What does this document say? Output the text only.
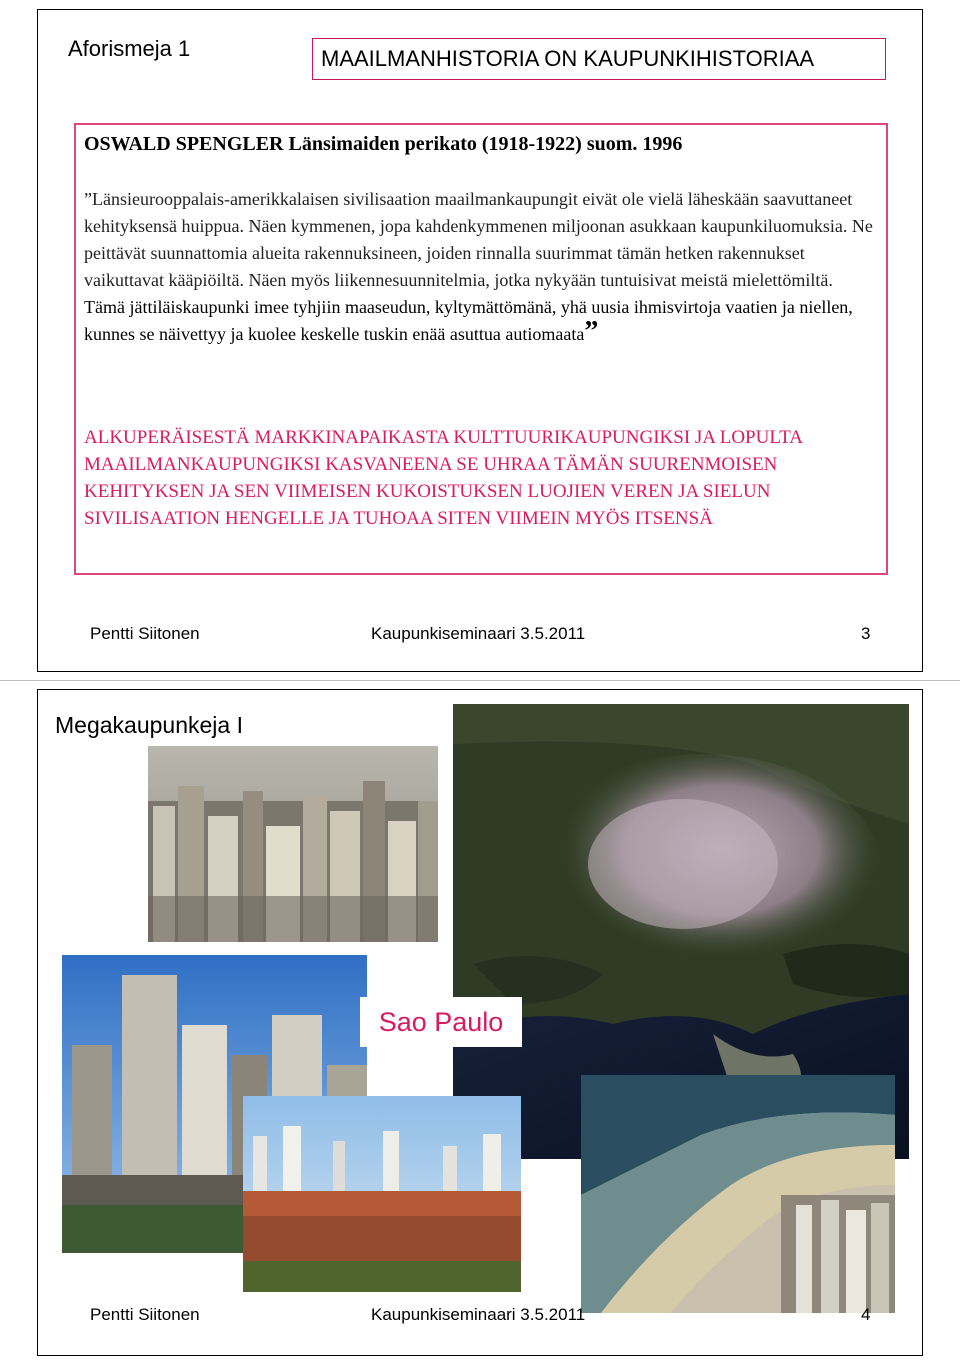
Aforismeja 1	MAAILMANHISTORIA ON KAUPUNKIHISTORIAA
OSWALD SPENGLER Länsimaiden perikato (1918-1922) suom. 1996

”Länsieurooppalais-amerikkalaisen sivilisaation maailmankaupungit eivät ole vielä läheskään saavuttaneet kehityksensä huippua. Näen kymmenen, jopa kahdenkymmenen miljoonan asukkaan kaupunkiluomuksia. Ne peittävät suunnattomia alueita rakennuksineen, joiden rinnalla suurimmat tämän hetken rakennukset vaikuttavat kääpiöiltä. Näen myös liikennesuunnitelmia, jotka nykyään tuntuisivat meistä mielettömiltä.

Tämä jättiläiskaupunki imee tyhjiin maaseudun, kyltymättömänä, yhä uusia ihmisvirtoja vaatien ja niellen, kunnes se näivettyy ja kuolee keskelle tuskin enää asuttua autiomaata”

ALKUPERÄISESTÄ MARKKINAPAIKASTA KULTTUURIKAUPUNGIKSI JA LOPULTA MAAILMANKAUPUNGIKSI KASVANEENA SE UHRAA TÄMÄN SUURENMOISEN KEHITYKSEN JA SEN VIIMEISEN KUKOISTUKSEN LUOJIEN VEREN JA SIELUN SIVILISAATION HENGELLE JA TUHOAA SITEN VIIMEIN MYÖS ITSENSÄ

Pentti Siitonen	Kaupunkiseminaari 3.5.2011	3
Megakaupunkeja I
Sao Paulo
Pentti Siitonen	Kaupunkiseminaari 3.5.2011	4
